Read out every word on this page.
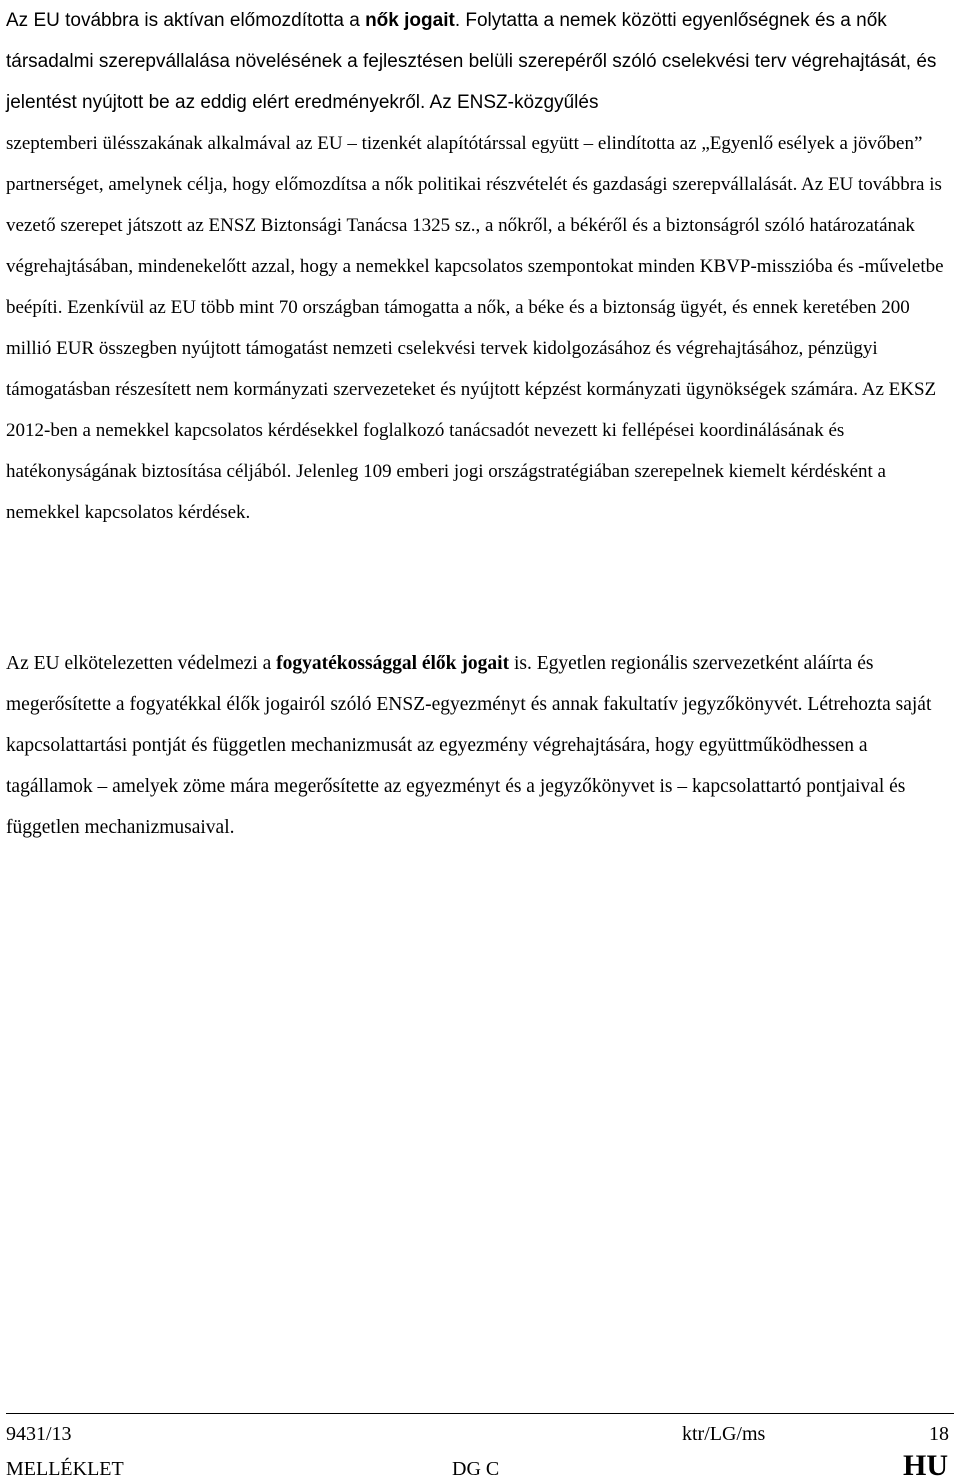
Az EU továbbra is aktívan előmozdította a nők jogait. Folytatta a nemek közötti egyenlőségnek és a nők társadalmi szerepvállalása növelésének a fejlesztésen belüli szerepéről szóló cselekvési terv végrehajtását, és jelentést nyújtott be az eddig elért eredményekről. Az ENSZ-közgyűlés
szeptemberi ülésszakának alkalmával az EU – tizenkét alapítótárssal együtt – elindította az „Egyenlő esélyek a jövőben” partnerséget, amelynek célja, hogy előmozdítsa a nők politikai részvételét és gazdasági szerepvállalását. Az EU továbbra is vezető szerepet játszott az ENSZ Biztonsági Tanácsa 1325 sz., a nőkről, a békéről és a biztonságról szóló határozatának végrehajtásában, mindenekelőtt azzal, hogy a nemekkel kapcsolatos szempontokat minden KBVP-misszióba és -műveletbe beépíti. Ezenkívül az EU több mint 70 országban támogatta a nők, a béke és a biztonság ügyét, és ennek keretében 200 millió EUR összegben nyújtott támogatást nemzeti cselekvési tervek kidolgozásához és végrehajtásához, pénzügyi támogatásban részesített nem kormányzati szervezeteket és nyújtott képzést kormányzati ügynökségek számára. Az EKSZ 2012-ben a nemekkel kapcsolatos kérdésekkel foglalkozó tanácsadót nevezett ki fellépései koordinálásának és hatékonyságának biztosítása céljából. Jelenleg 109 emberi jogi országstratégiában szerepelnek kiemelt kérdésként a nemekkel kapcsolatos kérdések.
Az EU elkötelezetten védelmezi a fogyatékossággal élők jogait is. Egyetlen regionális szervezetként aláírta és megerősítette a fogyatékkal élők jogairól szóló ENSZ-egyezményt és annak fakultatív jegyzőkönyvét. Létrehozta saját kapcsolattartási pontját és független mechanizmusát az egyezmény végrehajtására, hogy együttműködhessen a tagállamok – amelyek zöme mára megerősítette az egyezményt és a jegyzőkönyvet is – kapcsolattartó pontjaival és független mechanizmusaival.
9431/13	ktr/LG/ms	18
MELLÉKLET	DG C	HU
